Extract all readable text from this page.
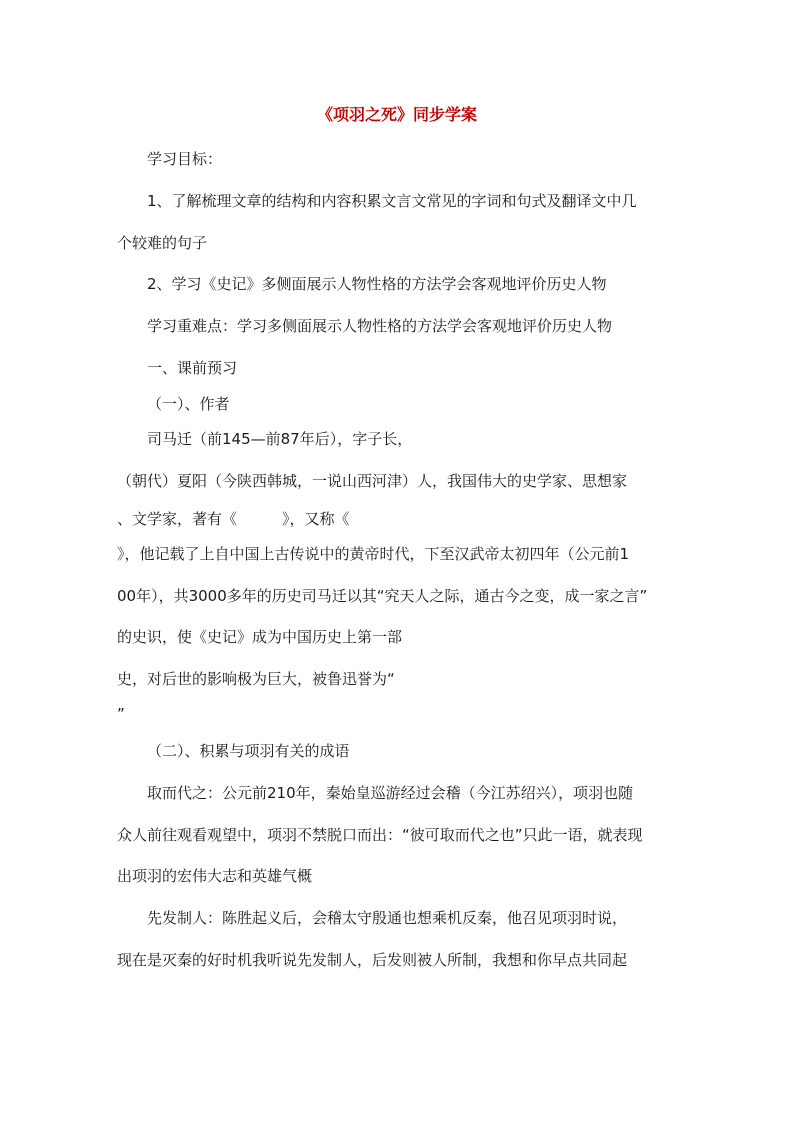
《项羽之死》同步学案
学习目标：
1、了解梳理文章的结构和内容积累文言文常见的字词和句式及翻译文中几
个较难的句子
2、学习《史记》多侧面展示人物性格的方法学会客观地评价历史人物
学习重难点：学习多侧面展示人物性格的方法学会客观地评价历史人物
一、课前预习
（一）、作者
司马迁（前145—前87年后），字子长，
（朝代）夏阳（今陕西韩城，一说山西河津）人，我国伟大的史学家、思想家
、文学家，著有《　　　》，又称《
》，他记载了上自中国上古传说中的黄帝时代，下至汉武帝太初四年（公元前1
00年），共3000多年的历史司马迁以其“究天人之际，通古今之变，成一家之言”
的史识，使《史记》成为中国历史上第一部
史，对后世的影响极为巨大，被鲁迅誉为“
”
（二）、积累与项羽有关的成语
取而代之：公元前210年，秦始皇巡游经过会稽（今江苏绍兴），项羽也随
众人前往观看观望中，项羽不禁脱口而出：“彼可取而代之也”只此一语，就表现
出项羽的宏伟大志和英雄气概
先发制人：陈胜起义后，会稽太守殷通也想乘机反秦，他召见项羽时说，
现在是灭秦的好时机我听说先发制人，后发则被人所制，我想和你早点共同起
